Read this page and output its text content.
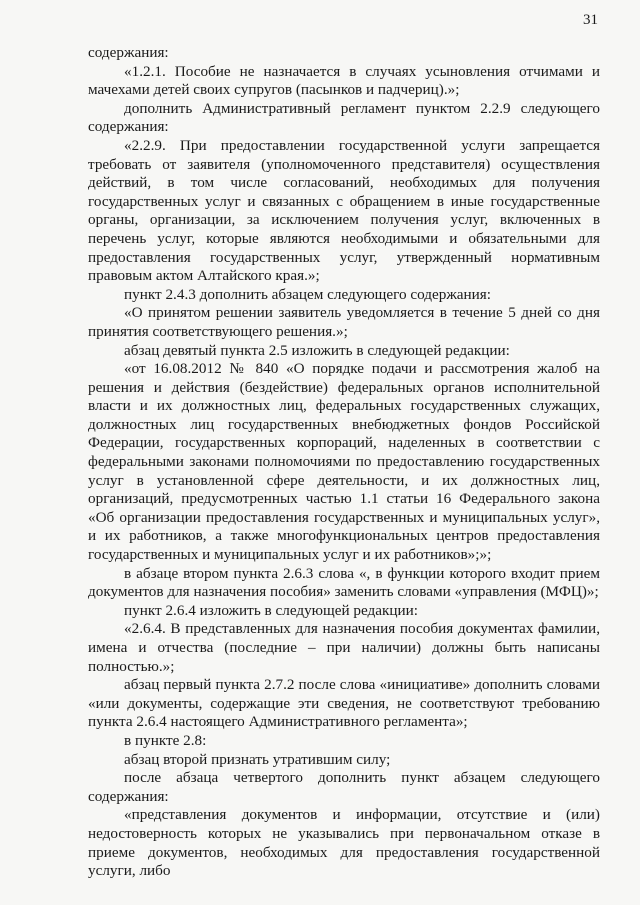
31

содержания:

«1.2.1. Пособие не назначается в случаях усыновления отчимами и мачехами детей своих супругов (пасынков и падчериц).»;

дополнить Административный регламент пунктом 2.2.9 следующего содержания:

«2.2.9. При предоставлении государственной услуги запрещается требовать от заявителя (уполномоченного представителя) осуществления действий, в том числе согласований, необходимых для получения государственных услуг и связанных с обращением в иные государственные органы, организации, за исключением получения услуг, включенных в перечень услуг, которые являются необходимыми и обязательными для предоставления государственных услуг, утвержденный нормативным правовым актом Алтайского края.»;

пункт 2.4.3 дополнить абзацем следующего содержания:

«О принятом решении заявитель уведомляется в течение 5 дней со дня принятия соответствующего решения.»;

абзац девятый пункта 2.5 изложить в следующей редакции:

«от 16.08.2012 № 840 «О порядке подачи и рассмотрения жалоб на решения и действия (бездействие) федеральных органов исполнительной власти и их должностных лиц, федеральных государственных служащих, должностных лиц государственных внебюджетных фондов Российской Федерации, государственных корпораций, наделенных в соответствии с федеральными законами полномочиями по предоставлению государственных услуг в установленной сфере деятельности, и их должностных лиц, организаций, предусмотренных частью 1.1 статьи 16 Федерального закона «Об организации предоставления государственных и муниципальных услуг», и их работников, а также многофункциональных центров предоставления государственных и муниципальных услуг и их работников»;»;

в абзаце втором пункта 2.6.3 слова «, в функции которого входит прием документов для назначения пособия» заменить словами «управления (МФЦ)»;

пункт 2.6.4 изложить в следующей редакции:

«2.6.4. В представленных для назначения пособия документах фамилии, имена и отчества (последние – при наличии) должны быть написаны полностью.»;

абзац первый пункта 2.7.2 после слова «инициативе» дополнить словами «или документы, содержащие эти сведения, не соответствуют требованию пункта 2.6.4 настоящего Административного регламента»;

в пункте 2.8:

абзац второй признать утратившим силу;

после абзаца четвертого дополнить пункт абзацем следующего содержания:

«представления документов и информации, отсутствие и (или) недостоверность которых не указывались при первоначальном отказе в приеме документов, необходимых для предоставления государственной услуги, либо
